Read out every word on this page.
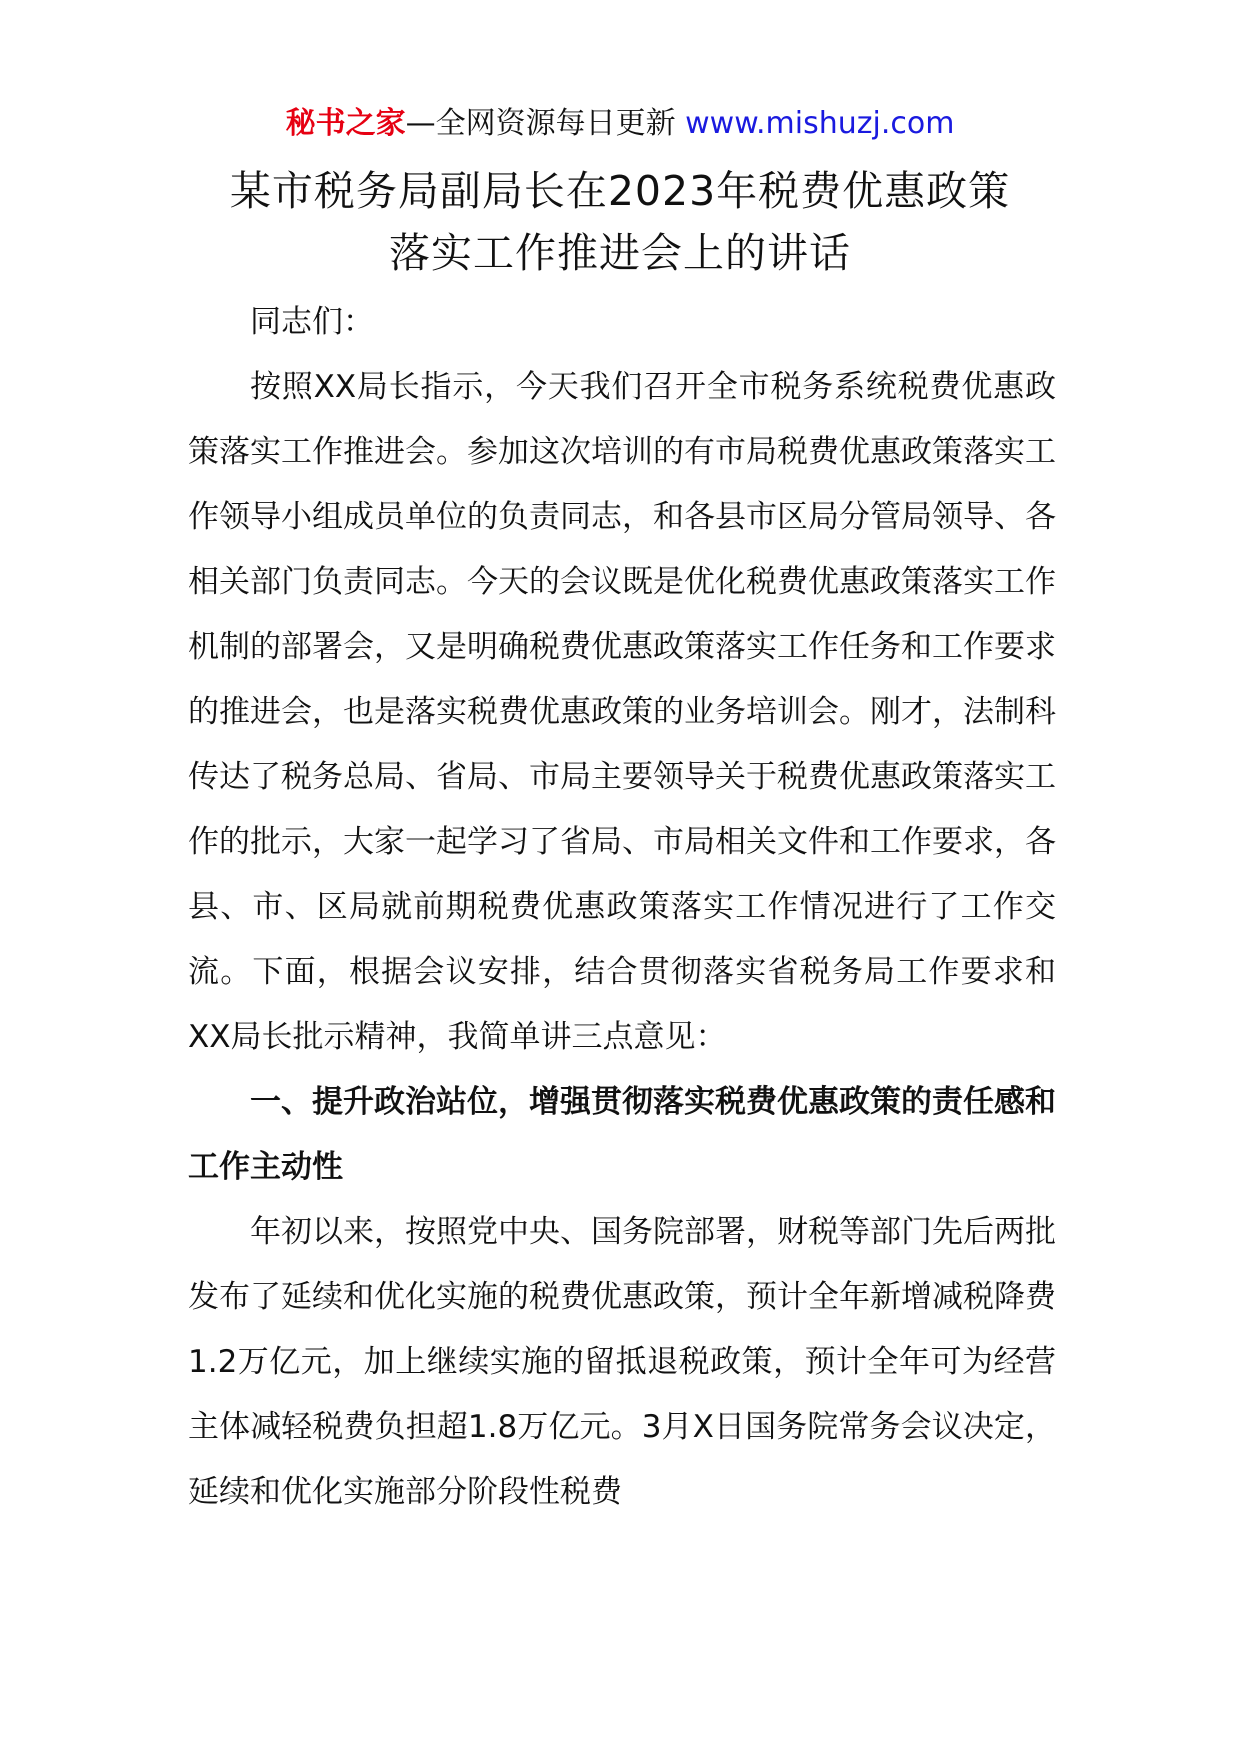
秘书之家—全网资源每日更新 www.mishuzj.com
某市税务局副局长在2023年税费优惠政策
落实工作推进会上的讲话

同志们：

按照XX局长指示，今天我们召开全市税务系统税费优惠政策落实工作推进会。参加这次培训的有市局税费优惠政策落实工作领导小组成员单位的负责同志，和各县市区局分管局领导、各相关部门负责同志。今天的会议既是优化税费优惠政策落实工作机制的部署会，又是明确税费优惠政策落实工作任务和工作要求的推进会，也是落实税费优惠政策的业务培训会。刚才，法制科传达了税务总局、省局、市局主要领导关于税费优惠政策落实工作的批示，大家一起学习了省局、市局相关文件和工作要求，各县、市、区局就前期税费优惠政策落实工作情况进行了工作交流。下面，根据会议安排，结合贯彻落实省税务局工作要求和XX局长批示精神，我简单讲三点意见：

一、提升政治站位，增强贯彻落实税费优惠政策的责任感和工作主动性

年初以来，按照党中央、国务院部署，财税等部门先后两批发布了延续和优化实施的税费优惠政策，预计全年新增减税降费1.2万亿元，加上继续实施的留抵退税政策，预计全年可为经营主体减轻税费负担超1.8万亿元。3月X日国务院常务会议决定，延续和优化实施部分阶段性税费
